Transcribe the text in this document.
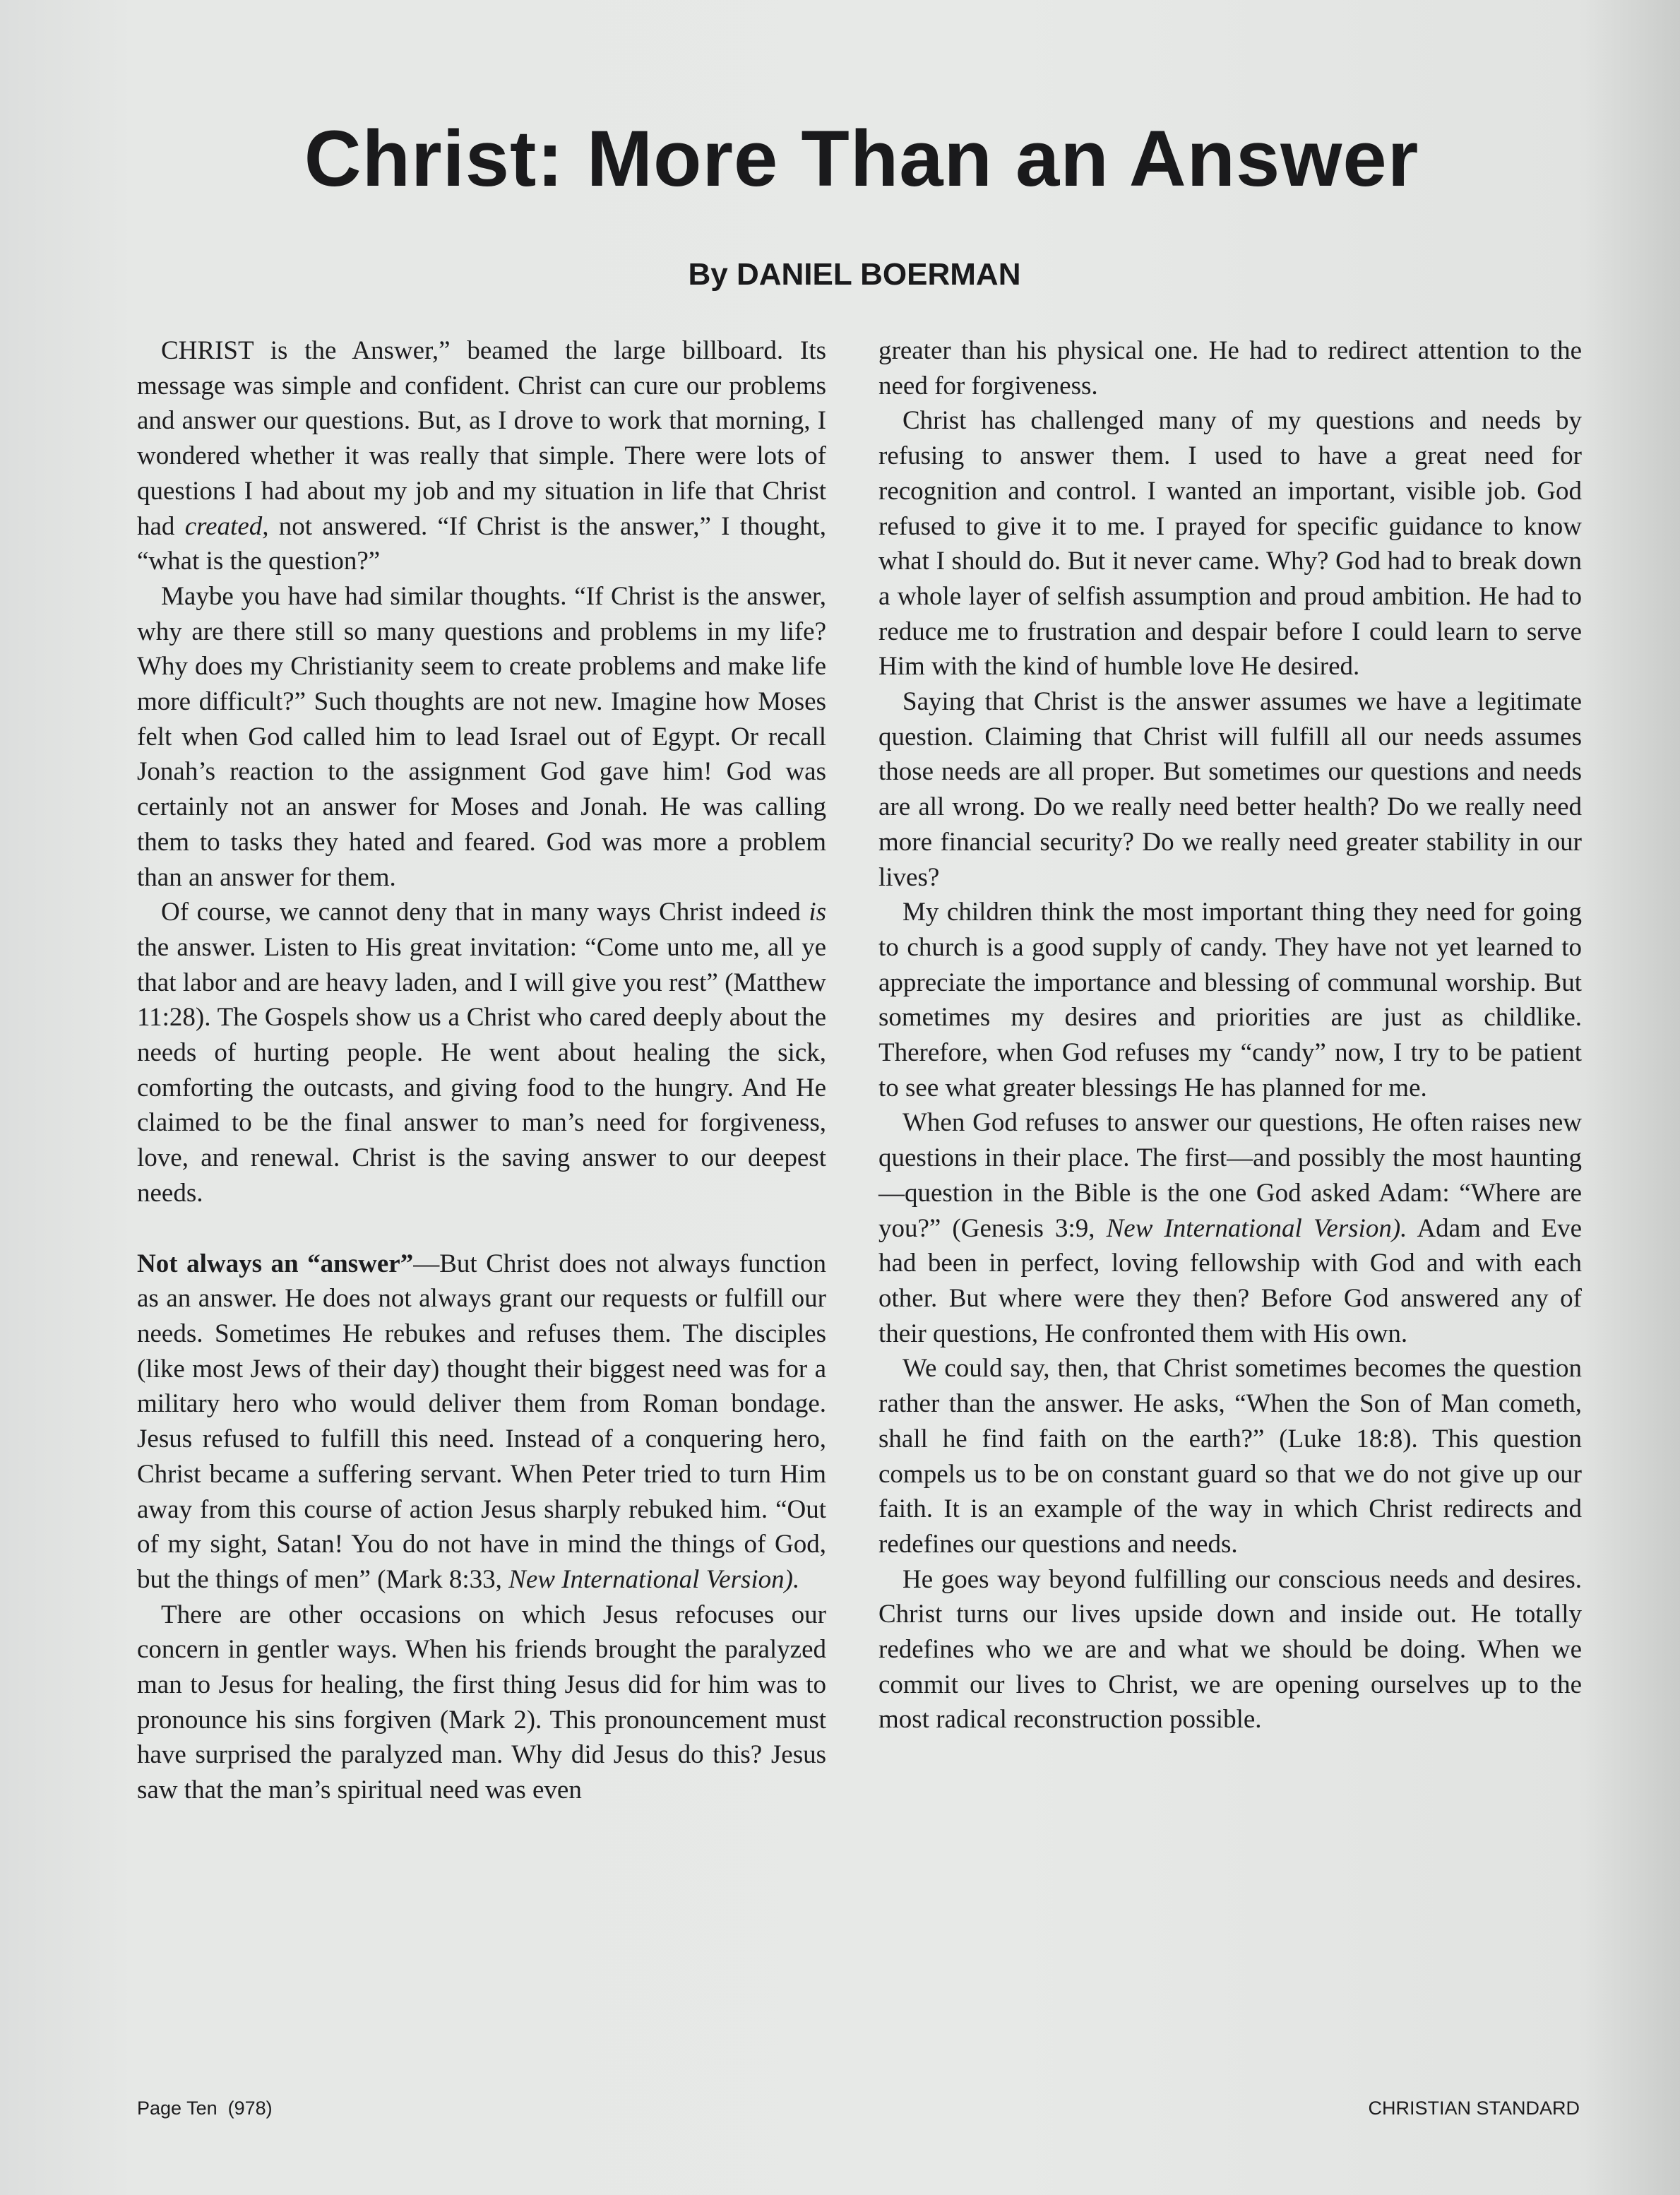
Christ: More Than an Answer
By DANIEL BOERMAN

CHRIST is the Answer,” beamed the large billboard. Its message was simple and confident. Christ can cure our problems and answer our questions. But, as I drove to work that morning, I wondered whether it was really that simple. There were lots of questions I had about my job and my situation in life that Christ had created, not answered. “If Christ is the answer,” I thought, “what is the question?”

Maybe you have had similar thoughts. “If Christ is the answer, why are there still so many questions and problems in my life? Why does my Christianity seem to create problems and make life more difficult?” Such thoughts are not new. Imagine how Moses felt when God called him to lead Israel out of Egypt. Or recall Jonah’s reaction to the assignment God gave him! God was certainly not an answer for Moses and Jonah. He was calling them to tasks they hated and feared. God was more a problem than an answer for them.

Of course, we cannot deny that in many ways Christ indeed is the answer. Listen to His great invitation: “Come unto me, all ye that labor and are heavy laden, and I will give you rest” (Matthew 11:28). The Gospels show us a Christ who cared deeply about the needs of hurting people. He went about healing the sick, comforting the outcasts, and giving food to the hungry. And He claimed to be the final answer to man’s need for forgiveness, love, and renewal. Christ is the saving answer to our deepest needs.

Not always an “answer”—But Christ does not always function as an answer. He does not always grant our requests or fulfill our needs. Sometimes He rebukes and refuses them. The disciples (like most Jews of their day) thought their biggest need was for a military hero who would deliver them from Roman bondage. Jesus refused to fulfill this need. Instead of a conquering hero, Christ became a suffering servant. When Peter tried to turn Him away from this course of action Jesus sharply rebuked him. “Out of my sight, Satan! You do not have in mind the things of God, but the things of men” (Mark 8:33, New International Version).

There are other occasions on which Jesus refocuses our concern in gentler ways. When his friends brought the paralyzed man to Jesus for healing, the first thing Jesus did for him was to pronounce his sins forgiven (Mark 2). This pronouncement must have surprised the paralyzed man. Why did Jesus do this? Jesus saw that the man’s spiritual need was even

greater than his physical one. He had to redirect attention to the need for forgiveness.

Christ has challenged many of my questions and needs by refusing to answer them. I used to have a great need for recognition and control. I wanted an important, visible job. God refused to give it to me. I prayed for specific guidance to know what I should do. But it never came. Why? God had to break down a whole layer of selfish assumption and proud ambition. He had to reduce me to frustration and despair before I could learn to serve Him with the kind of humble love He desired.

Saying that Christ is the answer assumes we have a legitimate question. Claiming that Christ will fulfill all our needs assumes those needs are all proper. But sometimes our questions and needs are all wrong. Do we really need better health? Do we really need more financial security? Do we really need greater stability in our lives?

My children think the most important thing they need for going to church is a good supply of candy. They have not yet learned to appreciate the importance and blessing of communal worship. But sometimes my desires and priorities are just as childlike. Therefore, when God refuses my “candy” now, I try to be patient to see what greater blessings He has planned for me.

When God refuses to answer our questions, He often raises new questions in their place. The first—and possibly the most haunting—question in the Bible is the one God asked Adam: “Where are you?” (Genesis 3:9, New International Version). Adam and Eve had been in perfect, loving fellowship with God and with each other. But where were they then? Before God answered any of their questions, He confronted them with His own.

We could say, then, that Christ sometimes becomes the question rather than the answer. He asks, “When the Son of Man cometh, shall he find faith on the earth?” (Luke 18:8). This question compels us to be on constant guard so that we do not give up our faith. It is an example of the way in which Christ redirects and redefines our questions and needs.

He goes way beyond fulfilling our conscious needs and desires. Christ turns our lives upside down and inside out. He totally redefines who we are and what we should be doing. When we commit our lives to Christ, we are opening ourselves up to the most radical reconstruction possible.

Page Ten (978)	CHRISTIAN STANDARD
